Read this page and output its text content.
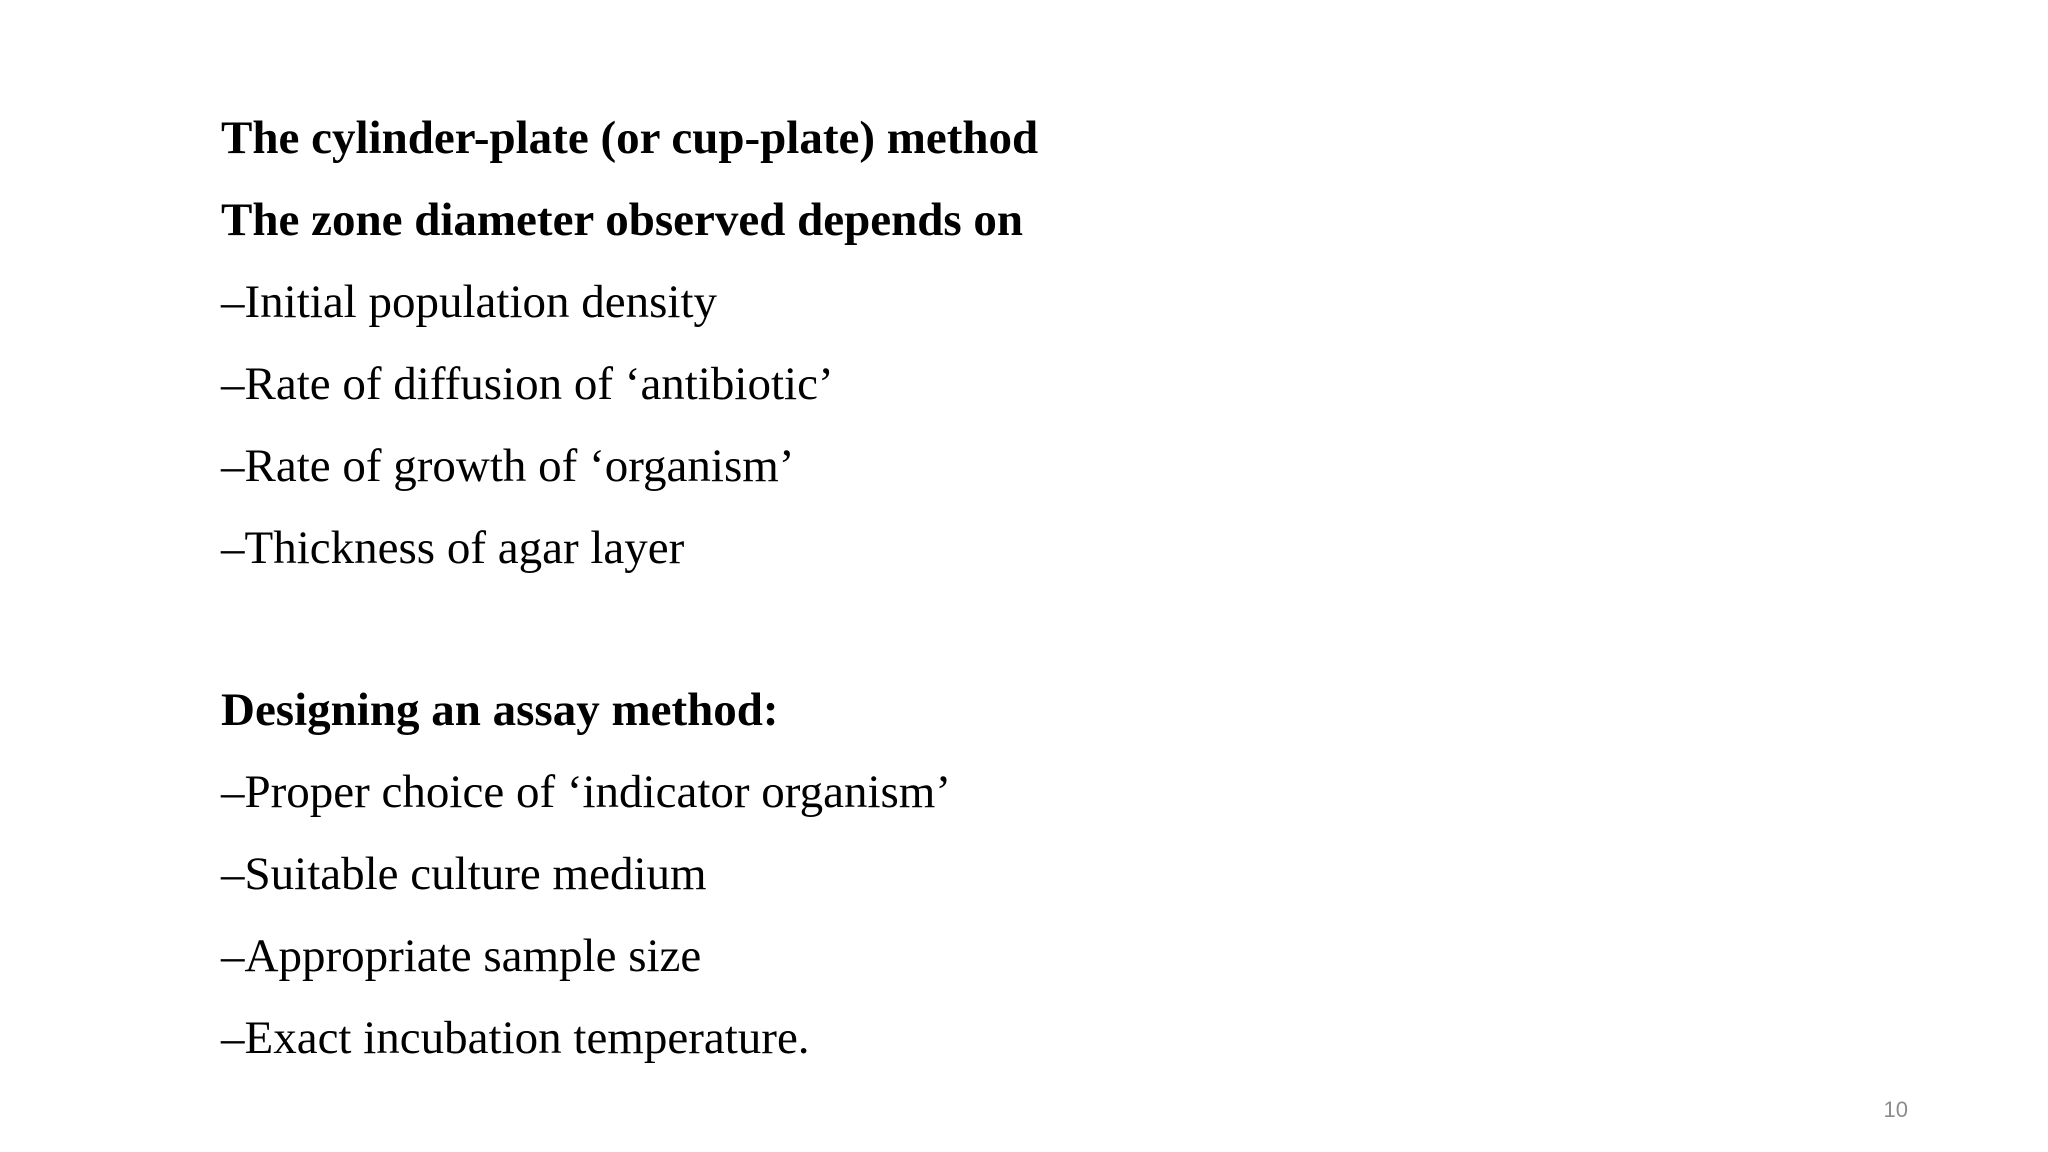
The cylinder-plate (or cup-plate) method
The zone diameter observed depends on
–Initial population density
–Rate of diffusion of ‘antibiotic’
–Rate of growth of ‘organism’
–Thickness of agar layer
Designing an assay method:
–Proper choice of ‘indicator organism’
–Suitable culture medium
–Appropriate sample size
–Exact incubation temperature.
10
